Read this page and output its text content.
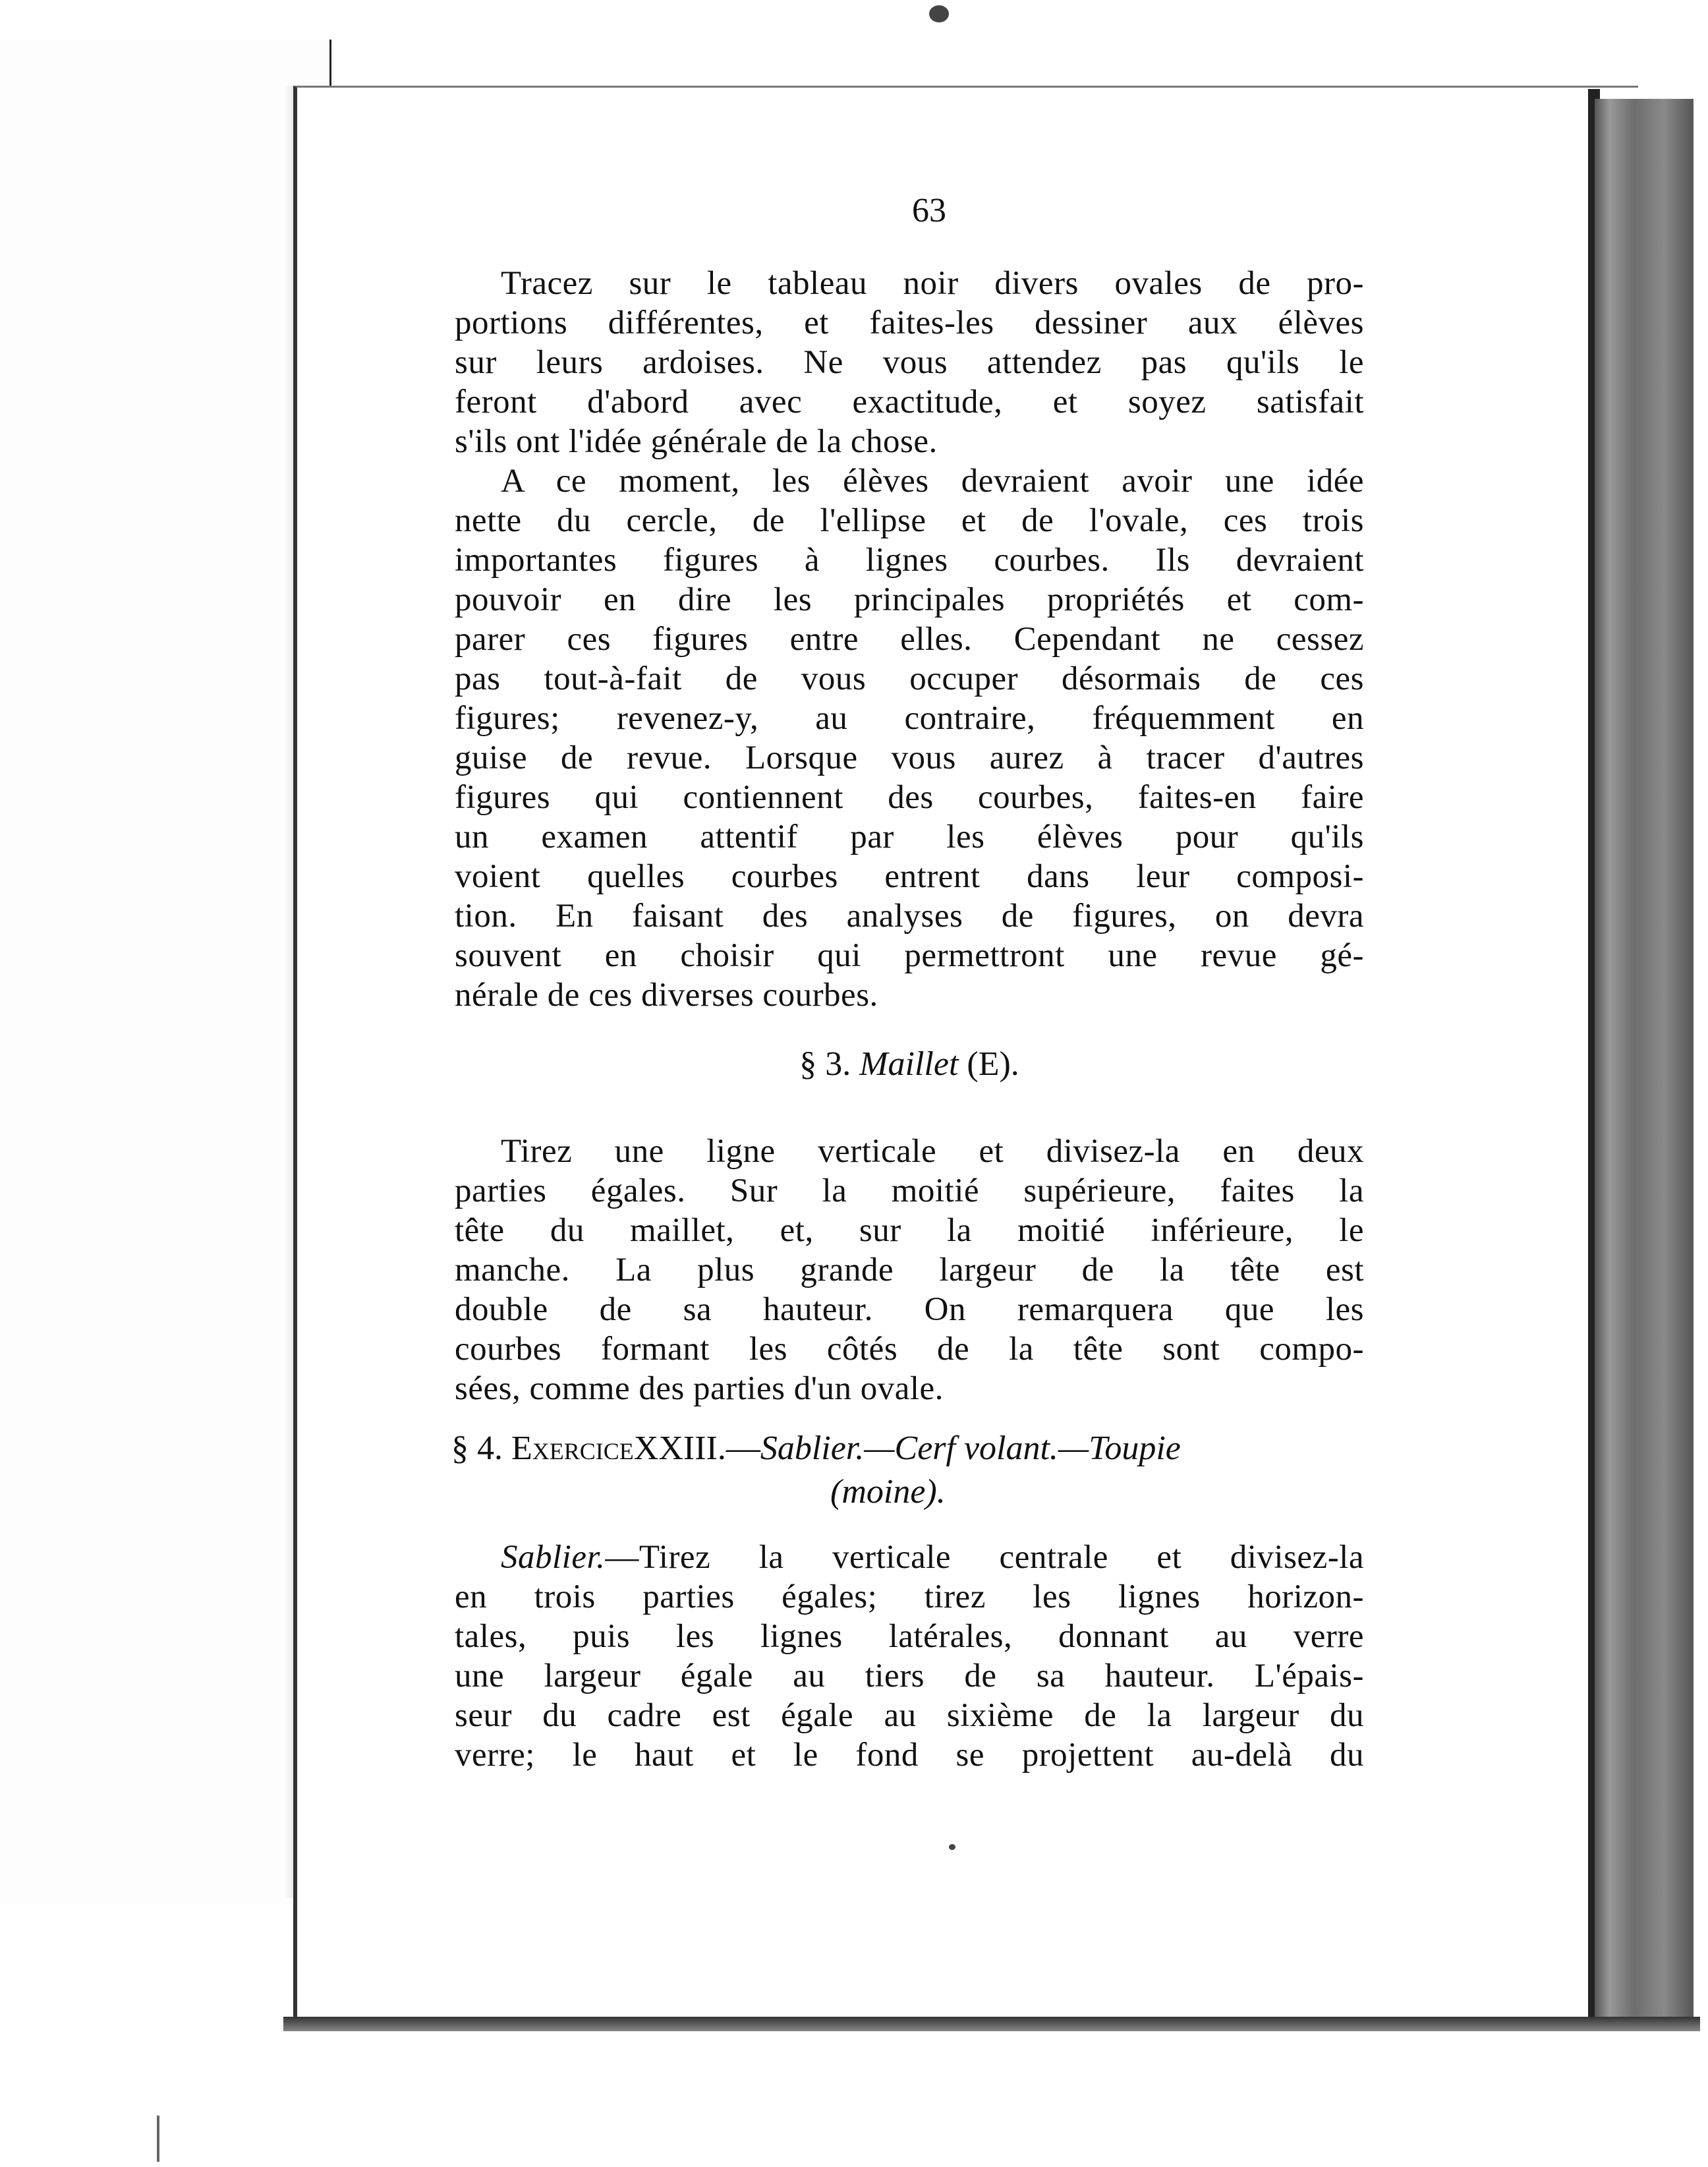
63
Tracez sur le tableau noir divers ovales de pro-
portions différentes, et faites-les dessiner aux élèves
sur leurs ardoises. Ne vous attendez pas qu'ils le
feront d'abord avec exactitude, et soyez satisfait
s'ils ont l'idée générale de la chose.
A ce moment, les élèves devraient avoir une idée
nette du cercle, de l'ellipse et de l'ovale, ces trois
importantes figures à lignes courbes. Ils devraient
pouvoir en dire les principales propriétés et com-
parer ces figures entre elles. Cependant ne cessez
pas tout-à-fait de vous occuper désormais de ces
figures; revenez-y, au contraire, fréquemment en
guise de revue. Lorsque vous aurez à tracer d'autres
figures qui contiennent des courbes, faites-en faire
un examen attentif par les élèves pour qu'ils
voient quelles courbes entrent dans leur composi-
tion. En faisant des analyses de figures, on devra
souvent en choisir qui permettront une revue gé-
nérale de ces diverses courbes.
§ 3. Maillet (E).
Tirez une ligne verticale et divisez-la en deux
parties égales. Sur la moitié supérieure, faites la
tête du maillet, et, sur la moitié inférieure, le
manche. La plus grande largeur de la tête est
double de sa hauteur. On remarquera que les
courbes formant les côtés de la tête sont compo-
sées, comme des parties d'un ovale.
§ 4. ExerciceXXIII.—Sablier.—Cerf volant.—Toupie
(moine).
Sablier.—Tirez la verticale centrale et divisez-la
en trois parties égales; tirez les lignes horizon-
tales, puis les lignes latérales, donnant au verre
une largeur égale au tiers de sa hauteur. L'épais-
seur du cadre est égale au sixième de la largeur du
verre; le haut et le fond se projettent au-delà du
